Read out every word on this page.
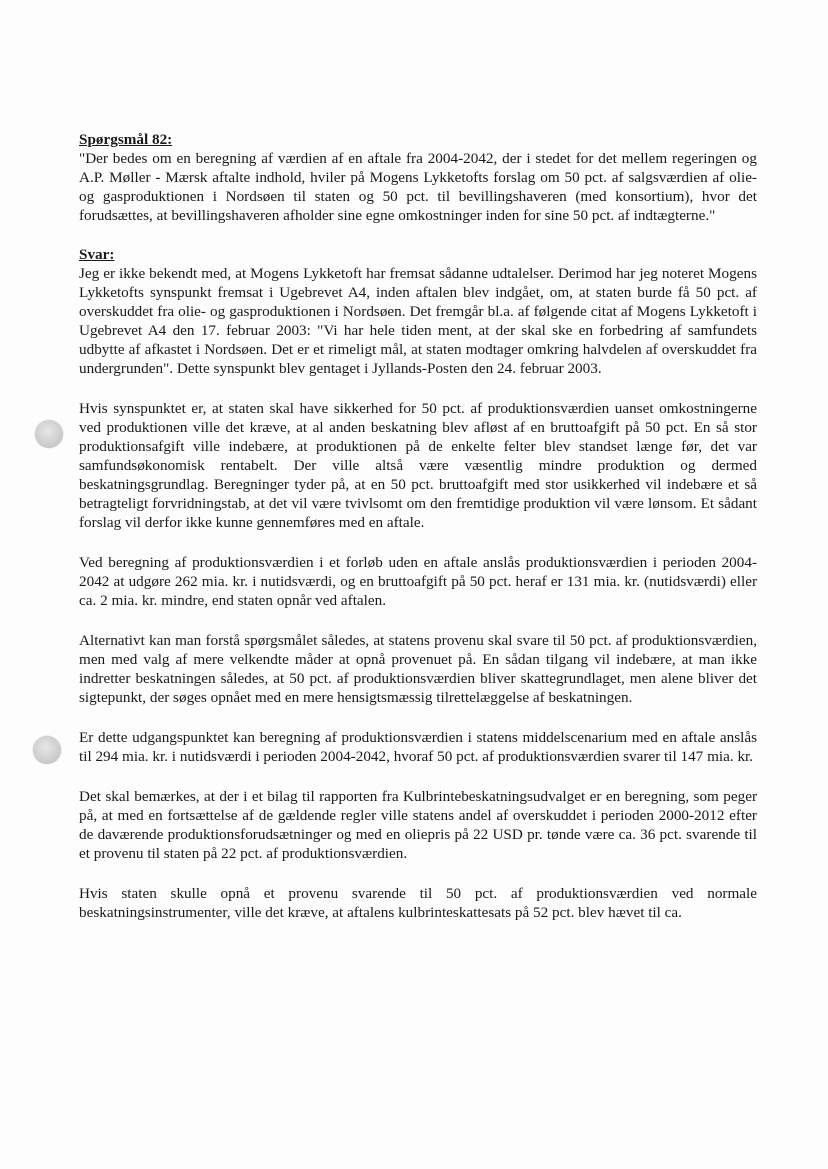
Spørgsmål 82:

"Der bedes om en beregning af værdien af en aftale fra 2004-2042, der i stedet for det mellem regeringen og A.P. Møller - Mærsk aftalte indhold, hviler på Mogens Lykketofts forslag om 50 pct. af salgsværdien af olie- og gasproduktionen i Nordsøen til staten og 50 pct. til bevillingshaveren (med konsortium), hvor det forudsættes, at bevillingshaveren afholder sine egne omkostninger inden for sine 50 pct. af indtægterne."

Svar:

Jeg er ikke bekendt med, at Mogens Lykketoft har fremsat sådanne udtalelser. Derimod har jeg noteret Mogens Lykketofts synspunkt fremsat i Ugebrevet A4, inden aftalen blev indgået, om, at staten burde få 50 pct. af overskuddet fra olie- og gasproduktionen i Nordsøen. Det fremgår bl.a. af følgende citat af Mogens Lykketoft i Ugebrevet A4 den 17. februar 2003: "Vi har hele tiden ment, at der skal ske en forbedring af samfundets udbytte af afkastet i Nordsøen. Det er et rimeligt mål, at staten modtager omkring halvdelen af overskuddet fra undergrunden". Dette synspunkt blev gentaget i Jyllands-Posten den 24. februar 2003.

Hvis synspunktet er, at staten skal have sikkerhed for 50 pct. af produktionsværdien uanset omkostningerne ved produktionen ville det kræve, at al anden beskatning blev afløst af en bruttoafgift på 50 pct. En så stor produktionsafgift ville indebære, at produktionen på de enkelte felter blev standset længe før, det var samfundsøkonomisk rentabelt. Der ville altså være væsentlig mindre produktion og dermed beskatningsgrundlag. Beregninger tyder på, at en 50 pct. bruttoafgift med stor usikkerhed vil indebære et så betragteligt forvridningstab, at det vil være tvivlsomt om den fremtidige produktion vil være lønsom. Et sådant forslag vil derfor ikke kunne gennemføres med en aftale.

Ved beregning af produktionsværdien i et forløb uden en aftale anslås produktionsværdien i perioden 2004-2042 at udgøre 262 mia. kr. i nutidsværdi, og en bruttoafgift på 50 pct. heraf er 131 mia. kr. (nutidsværdi) eller ca. 2 mia. kr. mindre, end staten opnår ved aftalen.

Alternativt kan man forstå spørgsmålet således, at statens provenu skal svare til 50 pct. af produktionsværdien, men med valg af mere velkendte måder at opnå provenuet på. En sådan tilgang vil indebære, at man ikke indretter beskatningen således, at 50 pct. af produktionsværdien bliver skattegrundlaget, men alene bliver det sigtepunkt, der søges opnået med en mere hensigtsmæssig tilrettelæggelse af beskatningen.

Er dette udgangspunktet kan beregning af produktionsværdien i statens middelscenarium med en aftale anslås til 294 mia. kr. i nutidsværdi i perioden 2004-2042, hvoraf 50 pct. af produktionsværdien svarer til 147 mia. kr.

Det skal bemærkes, at der i et bilag til rapporten fra Kulbrintebeskatningsudvalget er en beregning, som peger på, at med en fortsættelse af de gældende regler ville statens andel af overskuddet i perioden 2000-2012 efter de daværende produktionsforudsætninger og med en oliepris på 22 USD pr. tønde være ca. 36 pct. svarende til et provenu til staten på 22 pct. af produktionsværdien.

Hvis staten skulle opnå et provenu svarende til 50 pct. af produktionsværdien ved normale beskatningsinstrumenter, ville det kræve, at aftalens kulbrinteskattesats på 52 pct. blev hævet til ca.
